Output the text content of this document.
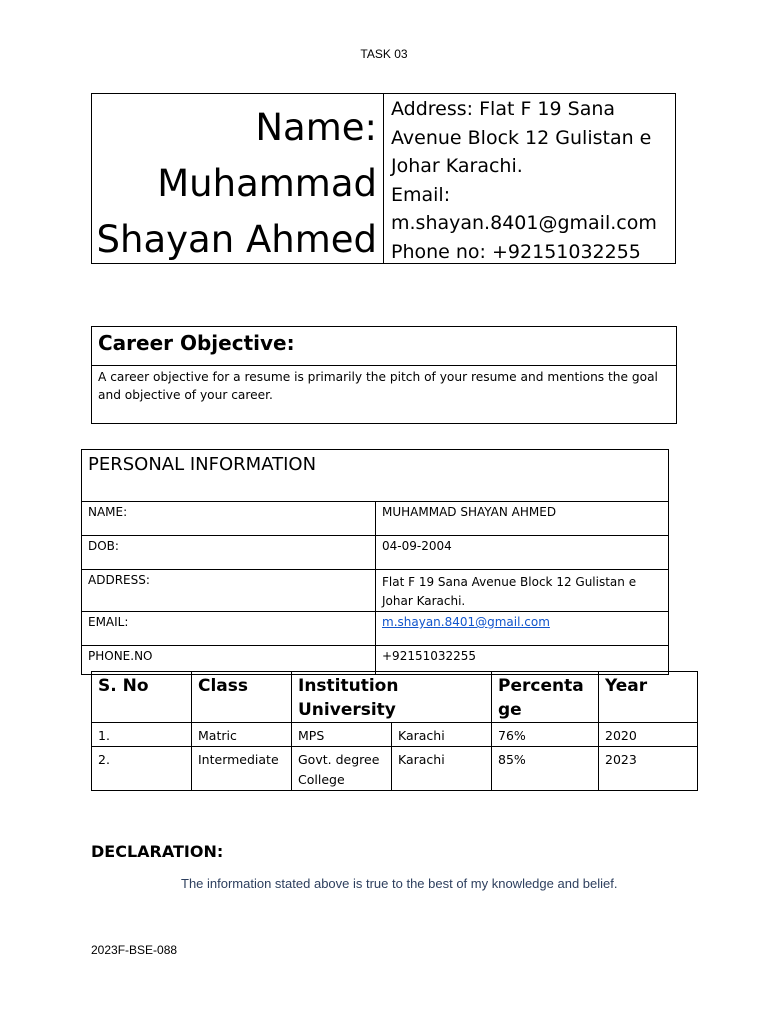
TASK 03
Name:
Muhammad
Shayan Ahmed
Address: Flat F 19 Sana
Avenue Block 12 Gulistan e
Johar Karachi.
Email:
m.shayan.8401@gmail.com
Phone no: +92151032255
Career Objective:
A career objective for a resume is primarily the pitch of your resume and mentions the goal and objective of your career.
PERSONAL INFORMATION	
NAME:	MUHAMMAD SHAYAN AHMED
DOB:	04-09-2004
ADDRESS:	Flat F 19 Sana Avenue Block 12 Gulistan e Johar Karachi.
EMAIL:	m.shayan.8401@gmail.com
PHONE.NO	+92151032255
S. No	Class	Institution University		Percentage	Year
1.	Matric	MPS	Karachi	76%	2020
2.	Intermediate	Govt. degree College	Karachi	85%	2023
DECLARATION:
The information stated above is true to the best of my knowledge and belief.
2023F-BSE-088
